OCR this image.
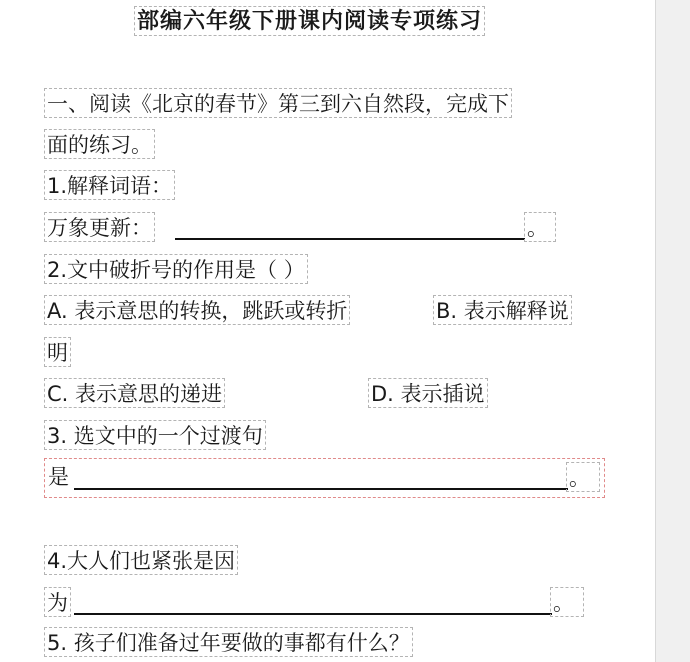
部编六年级下册课内阅读专项练习
一、阅读《北京的春节》第三到六自然段，完成下
面的练习。
1.解释词语：
万象更新：	。
2.文中破折号的作用是（ ）
A. 表示意思的转换，跳跃或转折	B. 表示解释说
明
C. 表示意思的递进	D. 表示插说
3. 选文中的一个过渡句
是	。
4.大人们也紧张是因
为	。
5. 孩子们准备过年要做的事都有什么？
